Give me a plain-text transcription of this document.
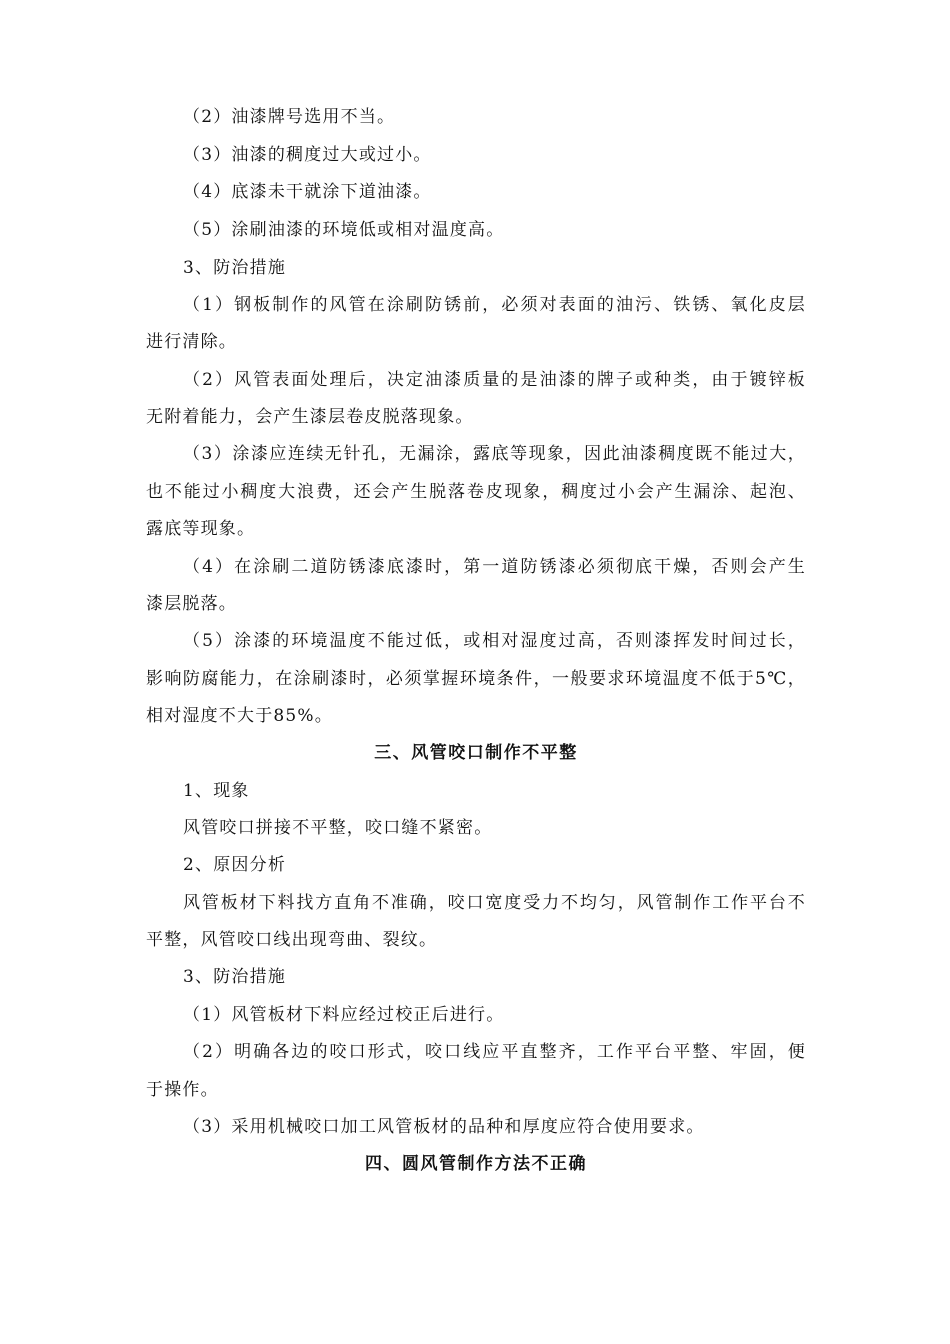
（2）油漆牌号选用不当。
（3）油漆的稠度过大或过小。
（4）底漆未干就涂下道油漆。
（5）涂刷油漆的环境低或相对温度高。
3、防治措施
（1）钢板制作的风管在涂刷防锈前，必须对表面的油污、铁锈、氧化皮层
进行清除。
（2）风管表面处理后，决定油漆质量的是油漆的牌子或种类，由于镀锌板
无附着能力，会产生漆层卷皮脱落现象。
（3）涂漆应连续无针孔，无漏涂，露底等现象，因此油漆稠度既不能过大，
也不能过小稠度大浪费，还会产生脱落卷皮现象，稠度过小会产生漏涂、起泡、
露底等现象。
（4）在涂刷二道防锈漆底漆时，第一道防锈漆必须彻底干燥，否则会产生
漆层脱落。
（5）涂漆的环境温度不能过低，或相对湿度过高，否则漆挥发时间过长，
影响防腐能力，在涂刷漆时，必须掌握环境条件，一般要求环境温度不低于5℃，
相对湿度不大于85%。
三、风管咬口制作不平整
1、现象
风管咬口拼接不平整，咬口缝不紧密。
2、原因分析
风管板材下料找方直角不准确，咬口宽度受力不均匀，风管制作工作平台不
平整，风管咬口线出现弯曲、裂纹。
3、防治措施
（1）风管板材下料应经过校正后进行。
（2）明确各边的咬口形式，咬口线应平直整齐，工作平台平整、牢固，便
于操作。
（3）采用机械咬口加工风管板材的品种和厚度应符合使用要求。
四、圆风管制作方法不正确
